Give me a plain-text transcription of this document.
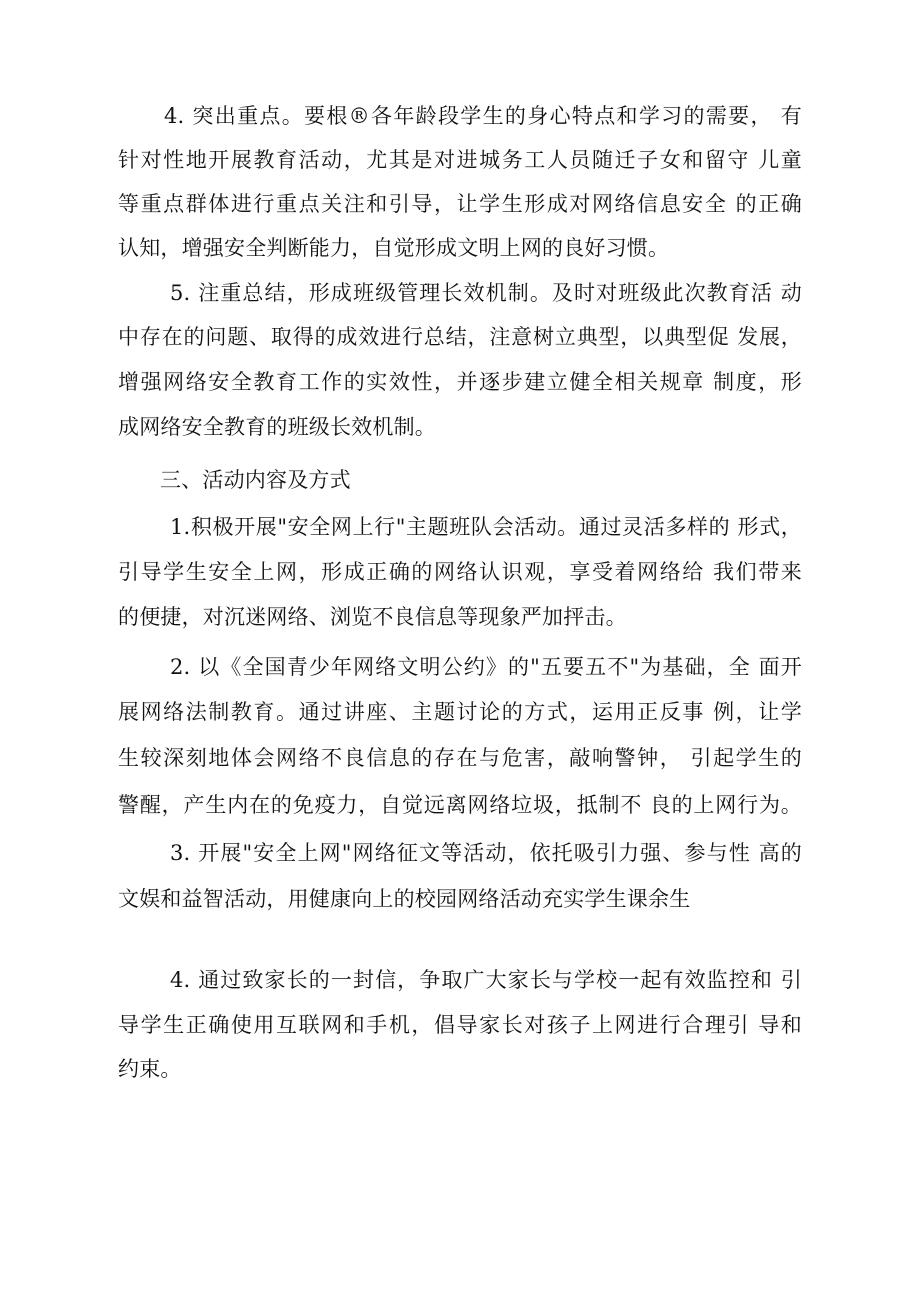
4. 突出重点。要根®各年龄段学生的身心特点和学习的需要， 有
针对性地开展教育活动，尤其是对进城务工人员随迁子女和留守 儿童
等重点群体进行重点关注和引导，让学生形成对网络信息安全 的正确
认知，增强安全判断能力，自觉形成文明上网的良好习惯。
5. 注重总结，形成班级管理长效机制。及时对班级此次教育活 动
中存在的问题、取得的成效进行总结，注意树立典型，以典型促 发展，
增强网络安全教育工作的实效性，并逐步建立健全相关规章 制度，形
成网络安全教育的班级长效机制。
三、活动内容及方式
1.积极开展"安全网上行"主题班队会活动。通过灵活多样的 形式，
引导学生安全上网，形成正确的网络认识观，享受着网络给 我们带来
的便捷，对沉迷网络、浏览不良信息等现象严加抨击。
2. 以《全国青少年网络文明公约》的"五要五不"为基础，全 面开
展网络法制教育。通过讲座、主题讨论的方式，运用正反事 例，让学
生较深刻地体会网络不良信息的存在与危害，敲响警钟， 引起学生的
警醒，产生内在的免疫力，自觉远离网络垃圾，抵制不 良的上网行为。
3. 开展"安全上网"网络征文等活动，依托吸引力强、参与性 高的
文娱和益智活动，用健康向上的校园网络活动充实学生课余生
4. 通过致家长的一封信，争取广大家长与学校一起有效监控和 引
导学生正确使用互联网和手机，倡导家长对孩子上网进行合理引 导和
约束。
